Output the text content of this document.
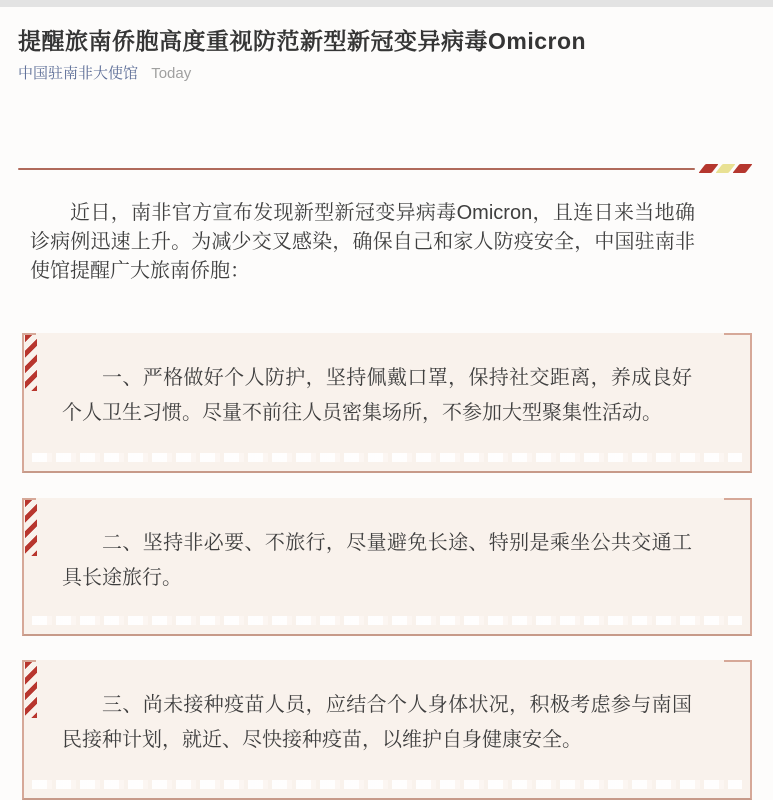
提醒旅南侨胞高度重视防范新型新冠变异病毒Omicron
中国驻南非大使馆 Today

近日，南非官方宣布发现新型新冠变异病毒Omicron，且连日来当地确诊病例迅速上升。为减少交叉感染，确保自己和家人防疫安全，中国驻南非使馆提醒广大旅南侨胞：

一、严格做好个人防护，坚持佩戴口罩，保持社交距离，养成良好个人卫生习惯。尽量不前往人员密集场所，不参加大型聚集性活动。

二、坚持非必要、不旅行，尽量避免长途、特别是乘坐公共交通工具长途旅行。

三、尚未接种疫苗人员，应结合个人身体状况，积极考虑参与南国民接种计划，就近、尽快接种疫苗，以维护自身健康安全。
